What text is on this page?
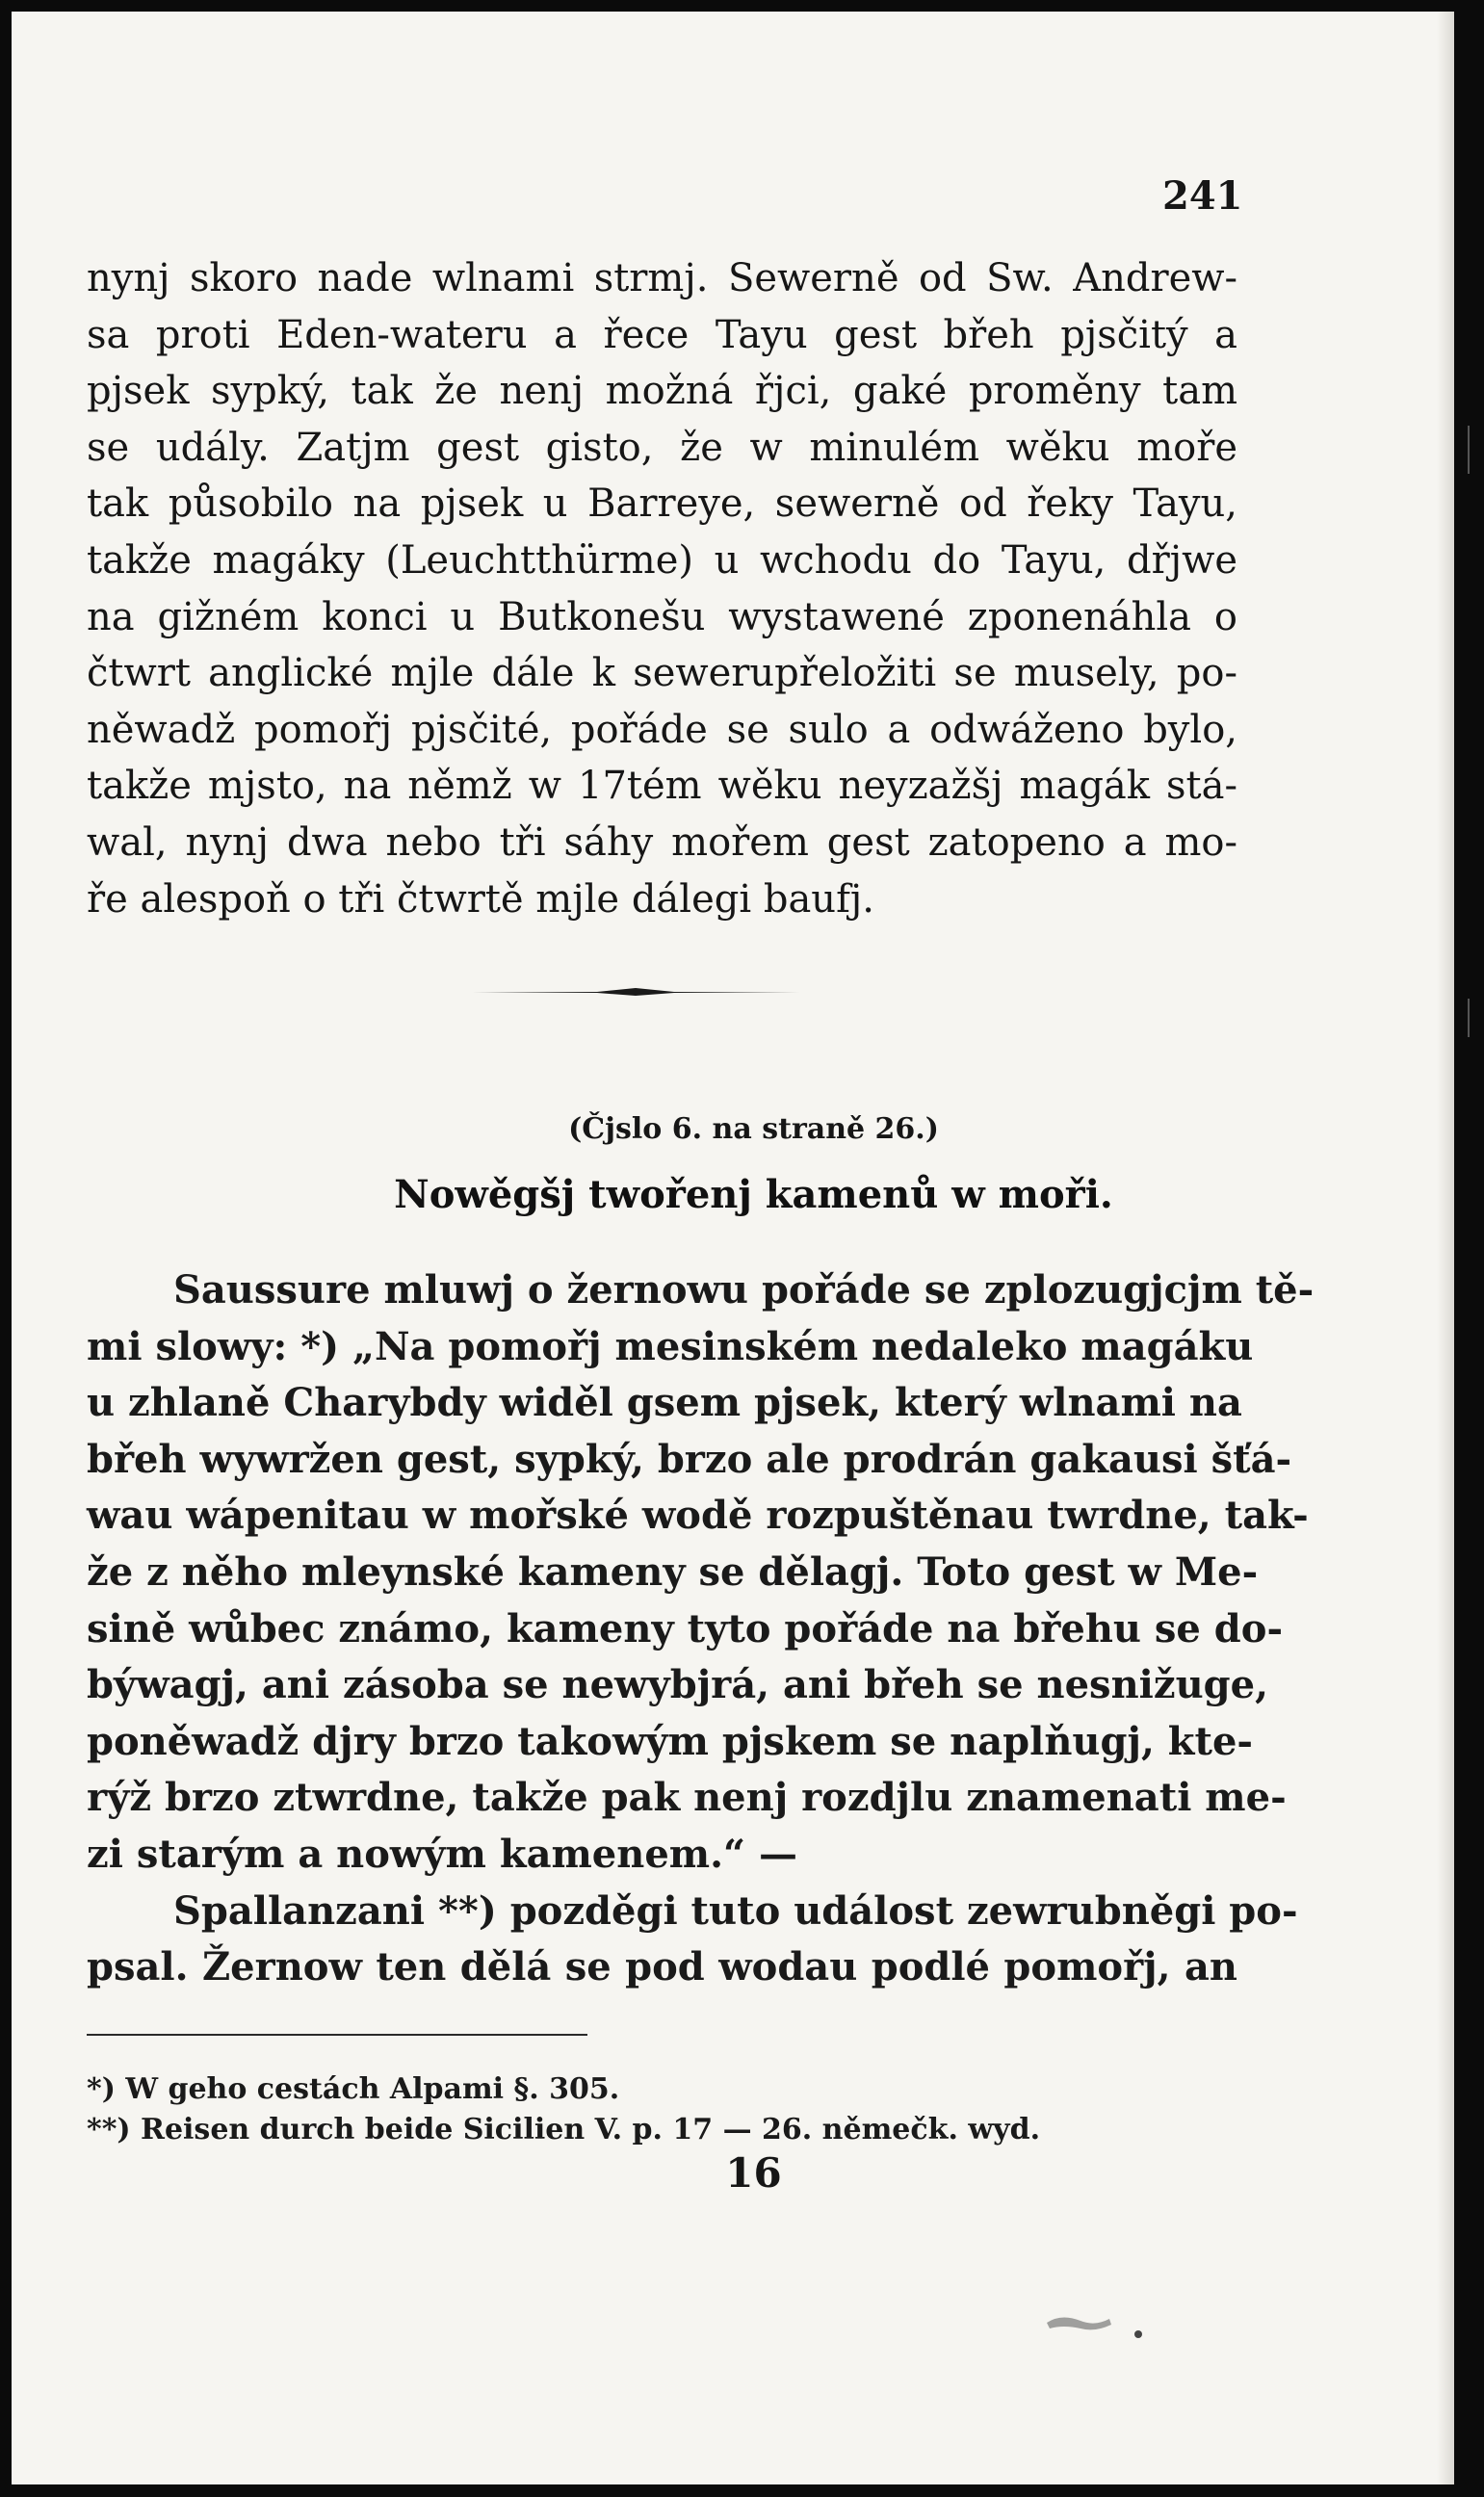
241
nynj skoro nade wlnami strmj. Sewerně od Sw. Andrew-
sa proti Eden-wateru a řece Tayu gest břeh pjsčitý a
pjsek sypký, tak že nenj možná řjci, gaké proměny tam
se udály. Zatjm gest gisto, že w minulém wěku moře
tak působilo na pjsek u Barreye, sewerně od řeky Tayu,
takže magáky (Leuchtthürme) u wchodu do Tayu, dřjwe
na gižném konci u Butkonešu wystawené zponenáhla o
čtwrt anglické mjle dále k sewerupřeložiti se musely, po-
něwadž pomořj pjsčité, pořáde se sulo a odwáženo bylo,
takže mjsto, na němž w 17tém wěku neyzažšj magák stá-
wal, nynj dwa nebo tři sáhy mořem gest zatopeno a mo-
ře alespoň o tři čtwrtě mjle dálegi baufj.
(Čjslo 6. na straně 26.)
Nowěgšj twořenj kamenů w moři.
Saussure mluwj o žernowu pořáde se zplozugjcjm tě-
mi slowy: *) „Na pomořj mesinském nedaleko magáku
u zhlaně Charybdy widěl gsem pjsek, který wlnami na
břeh wywržen gest, sypký, brzo ale prodrán gakausi šťá-
wau wápenitau w mořské wodě rozpuštěnau twrdne, tak-
že z něho mleynské kameny se dělagj. Toto gest w Me-
sině wůbec známo, kameny tyto pořáde na břehu se do-
býwagj, ani zásoba se newybjrá, ani břeh se nesnižuge,
poněwadž djry brzo takowým pjskem se naplňugj, kte-
rýž brzo ztwrdne, takže pak nenj rozdjlu znamenati me-
zi starým a nowým kamenem.“ —
Spallanzani **) pozděgi tuto událost zewrubněgi po-
psal. Žernow ten dělá se pod wodau podlé pomořj, an
*) W geho cestách Alpami §. 305.
**) Reisen durch beide Sicilien V. p. 17 — 26. němečk. wyd.
16
